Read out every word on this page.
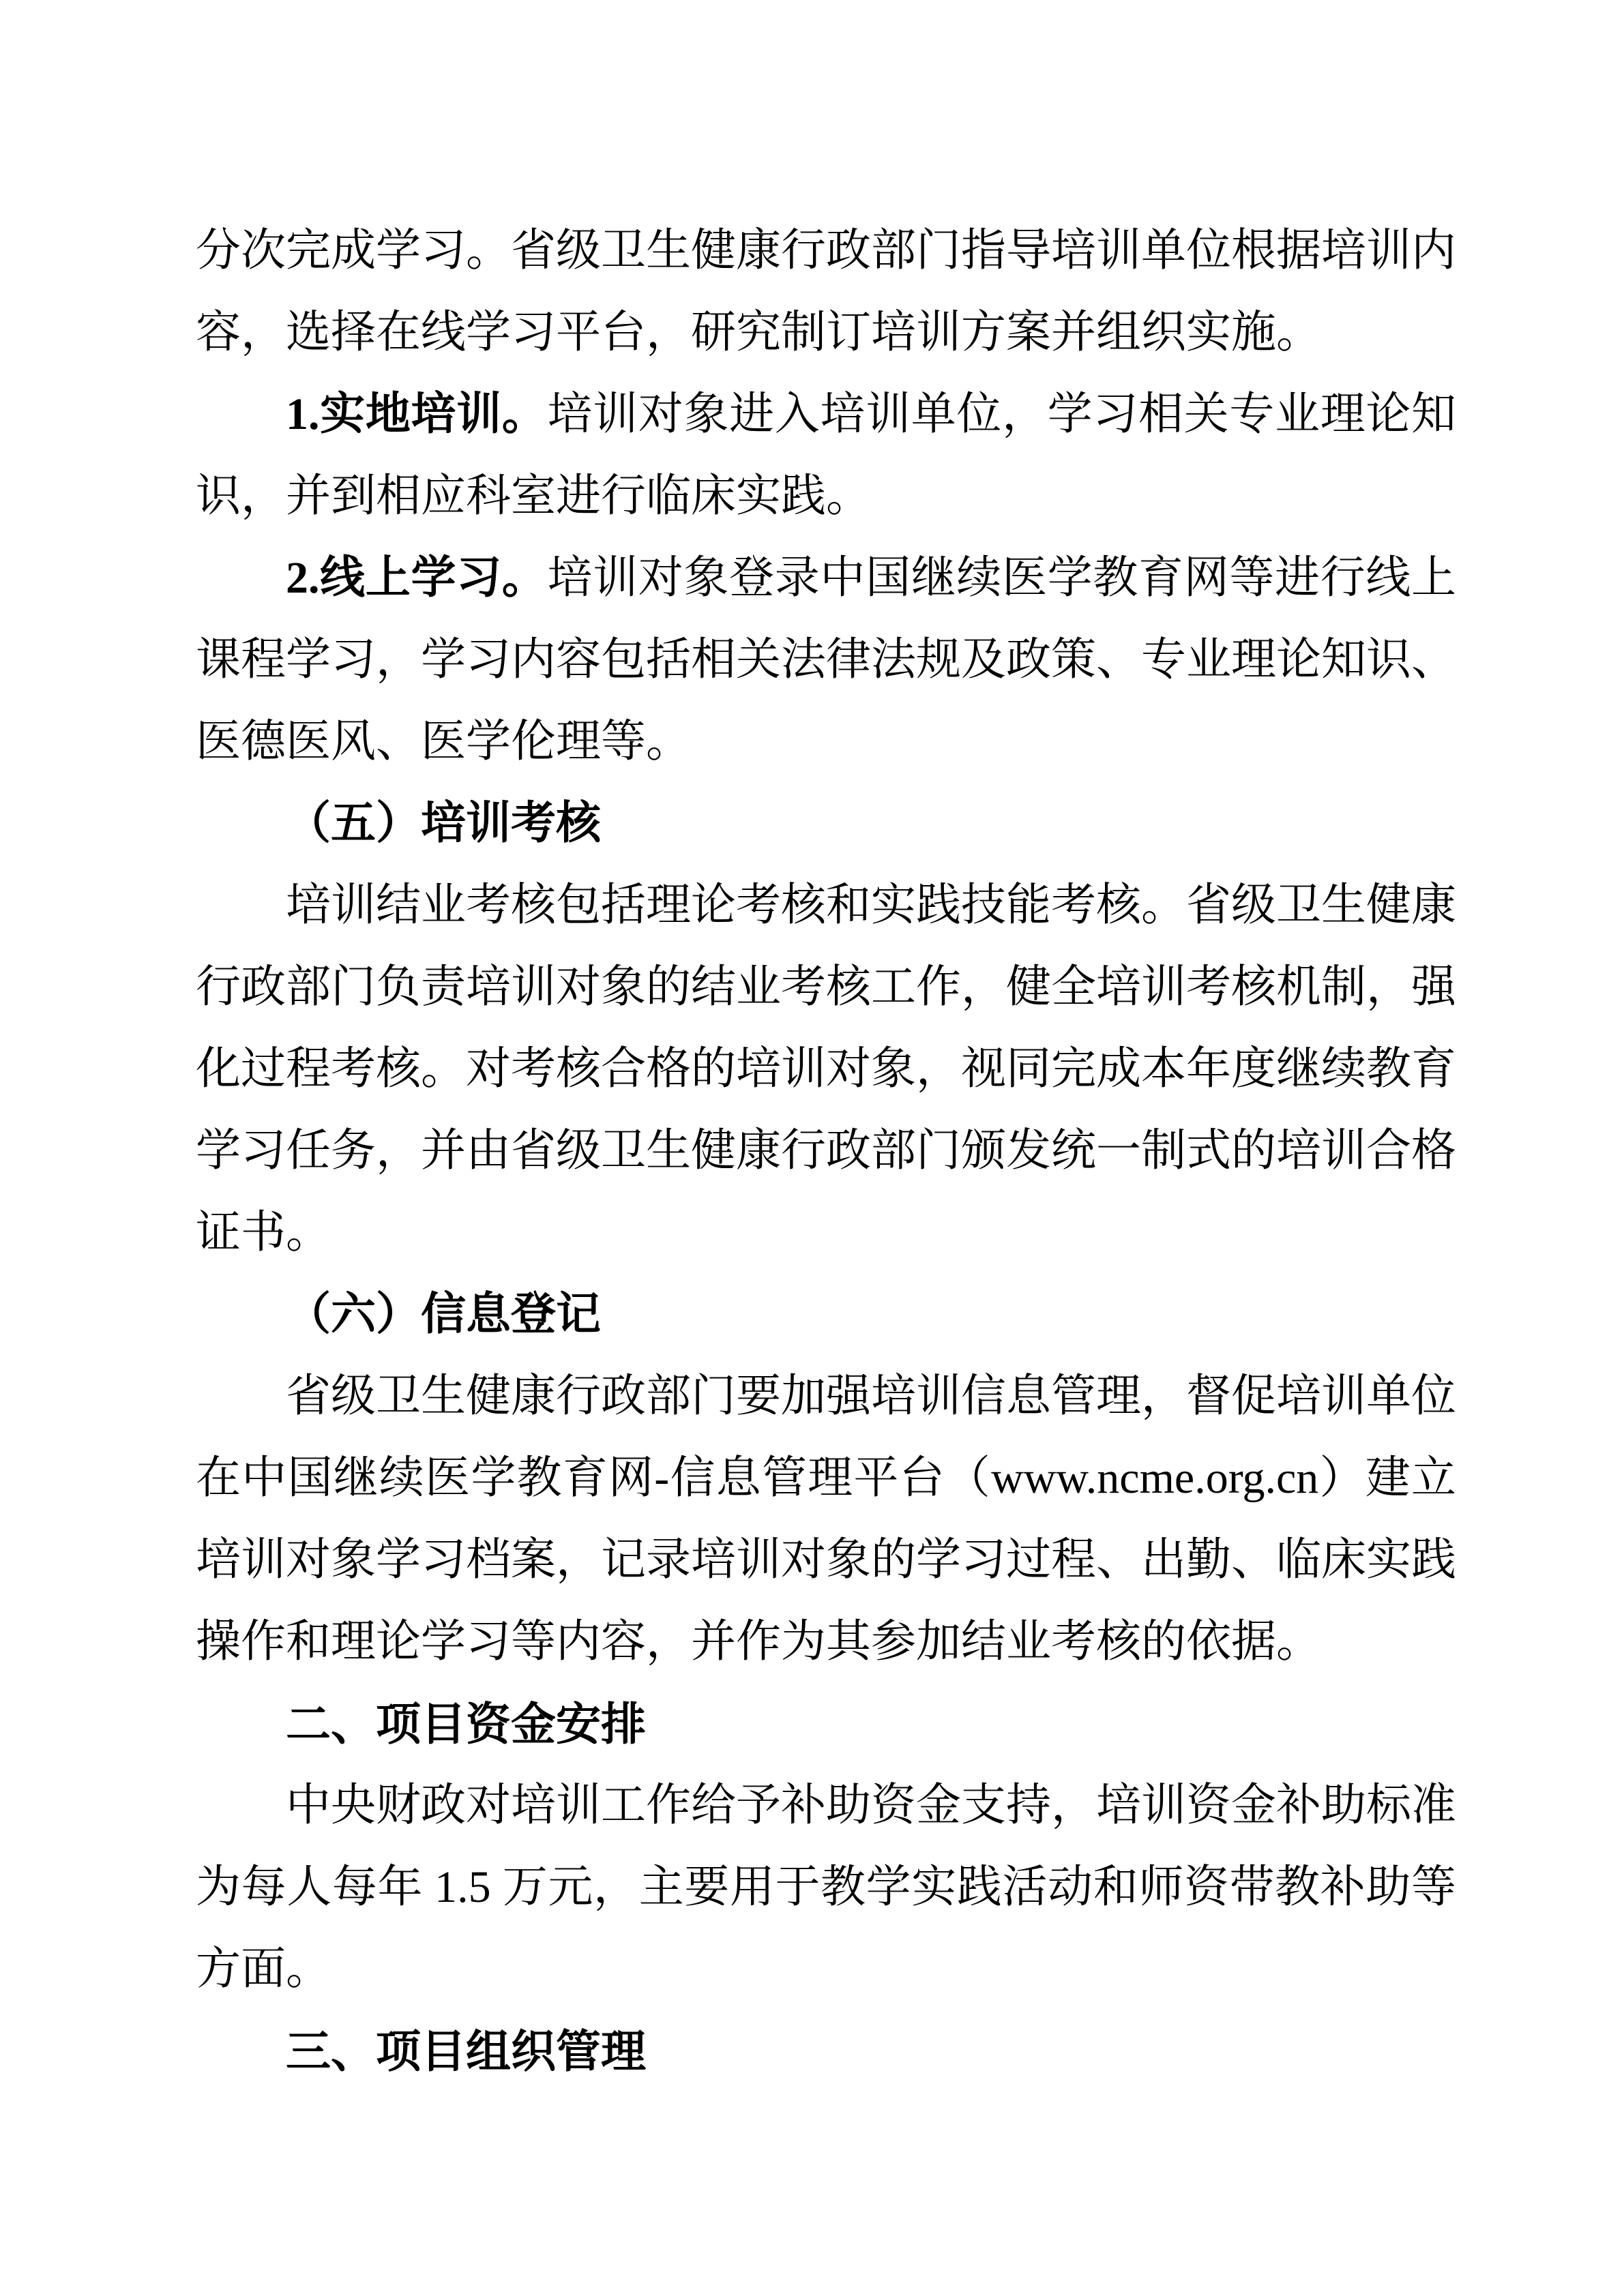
分次完成学习。省级卫生健康行政部门指导培训单位根据培训内容，选择在线学习平台，研究制订培训方案并组织实施。

1.实地培训。培训对象进入培训单位，学习相关专业理论知识，并到相应科室进行临床实践。

2.线上学习。培训对象登录中国继续医学教育网等进行线上课程学习，学习内容包括相关法律法规及政策、专业理论知识、医德医风、医学伦理等。

（五）培训考核

培训结业考核包括理论考核和实践技能考核。省级卫生健康行政部门负责培训对象的结业考核工作，健全培训考核机制，强化过程考核。对考核合格的培训对象，视同完成本年度继续教育学习任务，并由省级卫生健康行政部门颁发统一制式的培训合格证书。

（六）信息登记

省级卫生健康行政部门要加强培训信息管理，督促培训单位在中国继续医学教育网-信息管理平台（www.ncme.org.cn）建立培训对象学习档案，记录培训对象的学习过程、出勤、临床实践操作和理论学习等内容，并作为其参加结业考核的依据。

二、项目资金安排

中央财政对培训工作给予补助资金支持，培训资金补助标准为每人每年 1.5 万元，主要用于教学实践活动和师资带教补助等方面。

三、项目组织管理
